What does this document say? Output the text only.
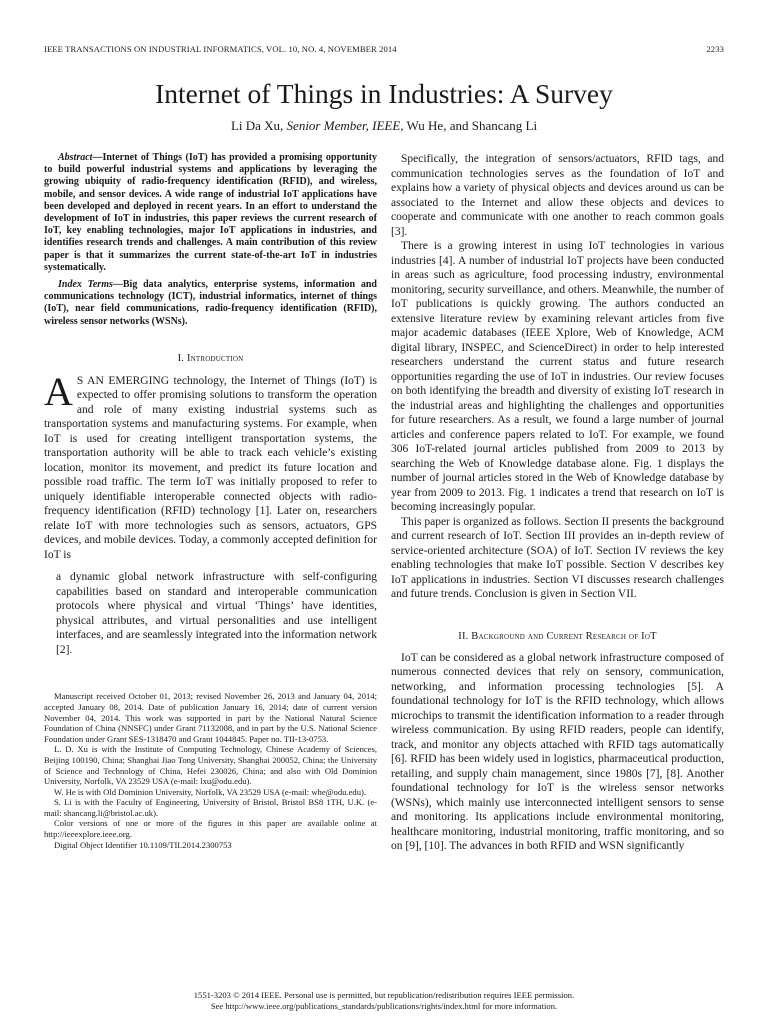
IEEE TRANSACTIONS ON INDUSTRIAL INFORMATICS, VOL. 10, NO. 4, NOVEMBER 2014	2233
Internet of Things in Industries: A Survey
Li Da Xu, Senior Member, IEEE, Wu He, and Shancang Li

Abstract—Internet of Things (IoT) has provided a promising opportunity to build powerful industrial systems and applications by leveraging the growing ubiquity of radio-frequency identification (RFID), and wireless, mobile, and sensor devices. A wide range of industrial IoT applications have been developed and deployed in recent years. In an effort to understand the development of IoT in industries, this paper reviews the current research of IoT, key enabling technologies, major IoT applications in industries, and identifies research trends and challenges. A main contribution of this review paper is that it summarizes the current state-of-the-art IoT in industries systematically.

Index Terms—Big data analytics, enterprise systems, information and communications technology (ICT), industrial informatics, internet of things (IoT), near field communications, radio-frequency identification (RFID), wireless sensor networks (WSNs).

I. Introduction

A S AN EMERGING technology, the Internet of Things (IoT) is expected to offer promising solutions to transform the operation and role of many existing industrial systems such as transportation systems and manufacturing systems. For example, when IoT is used for creating intelligent transportation systems, the transportation authority will be able to track each vehicle’s existing location, monitor its movement, and predict its future location and possible road traffic. The term IoT was initially proposed to refer to uniquely identifiable interoperable connected objects with radio-frequency identification (RFID) technology [1]. Later on, researchers relate IoT with more technologies such as sensors, actuators, GPS devices, and mobile devices. Today, a commonly accepted definition for IoT is

a dynamic global network infrastructure with self-configuring capabilities based on standard and interoperable communication protocols where physical and virtual ‘Things’ have identities, physical attributes, and virtual personalities and use intelligent interfaces, and are seamlessly integrated into the information network [2].

Manuscript received October 01, 2013; revised November 26, 2013 and January 04, 2014; accepted January 08, 2014. Date of publication January 16, 2014; date of current version November 04, 2014. This work was supported in part by the National Natural Science Foundation of China (NNSFC) under Grant 71132008, and in part by the U.S. National Science Foundation under Grant SES-1318470 and Grant 1044845. Paper no. TII-13-0753.

L. D. Xu is with the Institute of Computing Technology, Chinese Academy of Sciences, Beijing 100190, China; Shanghai Jiao Tong University, Shanghai 200052, China; the University of Science and Technology of China, Hefei 230026, China; and also with Old Dominion University, Norfolk, VA 23529 USA (e-mail: lxu@odu.edu).

W. He is with Old Dominion University, Norfolk, VA 23529 USA (e-mail: whe@odu.edu).

S. Li is with the Faculty of Engineering, University of Bristol, Bristol BS8 1TH, U.K. (e-mail: shancang.li@bristol.ac.uk).

Color versions of one or more of the figures in this paper are available online at http://ieeexplore.ieee.org.

Digital Object Identifier 10.1109/TII.2014.2300753

Specifically, the integration of sensors/actuators, RFID tags, and communication technologies serves as the foundation of IoT and explains how a variety of physical objects and devices around us can be associated to the Internet and allow these objects and devices to cooperate and communicate with one another to reach common goals [3].

There is a growing interest in using IoT technologies in various industries [4]. A number of industrial IoT projects have been conducted in areas such as agriculture, food processing industry, environmental monitoring, security surveillance, and others. Meanwhile, the number of IoT publications is quickly growing. The authors conducted an extensive literature review by examining relevant articles from five major academic databases (IEEE Xplore, Web of Knowledge, ACM digital library, INSPEC, and ScienceDirect) in order to help interested researchers understand the current status and future research opportunities regarding the use of IoT in industries. Our review focuses on both identifying the breadth and diversity of existing IoT research in the industrial areas and highlighting the challenges and opportunities for future researchers. As a result, we found a large number of journal articles and conference papers related to IoT. For example, we found 306 IoT-related journal articles published from 2009 to 2013 by searching the Web of Knowledge database alone. Fig. 1 displays the number of journal articles stored in the Web of Knowledge database by year from 2009 to 2013. Fig. 1 indicates a trend that research on IoT is becoming increasingly popular.

This paper is organized as follows. Section II presents the background and current research of IoT. Section III provides an in-depth review of service-oriented architecture (SOA) of IoT. Section IV reviews the key enabling technologies that make IoT possible. Section V describes key IoT applications in industries. Section VI discusses research challenges and future trends. Conclusion is given in Section VII.

II. Background and Current Research of IoT

IoT can be considered as a global network infrastructure composed of numerous connected devices that rely on sensory, communication, networking, and information processing technologies [5]. A foundational technology for IoT is the RFID technology, which allows microchips to transmit the identification information to a reader through wireless communication. By using RFID readers, people can identify, track, and monitor any objects attached with RFID tags automatically [6]. RFID has been widely used in logistics, pharmaceutical production, retailing, and supply chain management, since 1980s [7], [8]. Another foundational technology for IoT is the wireless sensor networks (WSNs), which mainly use interconnected intelligent sensors to sense and monitoring. Its applications include environmental monitoring, healthcare monitoring, industrial monitoring, traffic monitoring, and so on [9], [10]. The advances in both RFID and WSN significantly

1551-3203 © 2014 IEEE. Personal use is permitted, but republication/redistribution requires IEEE permission.
See http://www.ieee.org/publications_standards/publications/rights/index.html for more information.
